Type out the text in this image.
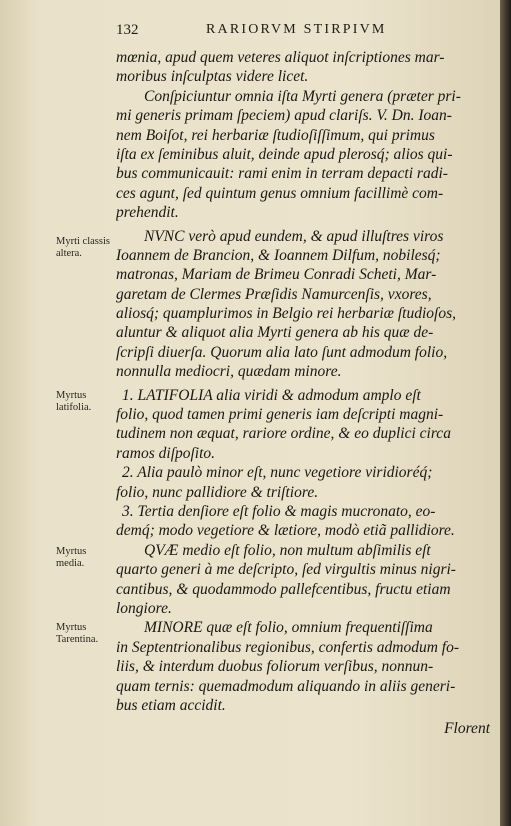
132	RARIORVM STIRPIVM
Myrti classis altera.
Myrtus latifolia.
Myrtus media.
Myrtus Tarentina.
mœnia, apud quem veteres aliquot inſcriptiones mar-
moribus inſculptas videre licet.
Conſpiciuntur omnia iſta Myrti genera (præter pri-
mi generis primam ſpeciem) apud clariſs. V. Dn. Ioan-
nem Boiſot, rei herbariæ ſtudioſiſſimum, qui primus
iſta ex ſeminibus aluit, deinde apud plerosq́; alios qui-
bus communicauit: rami enim in terram depacti radi-
ces agunt, ſed quintum genus omnium facillimè com-
prehendit.
NVNC verò apud eundem, & apud illuſtres viros
Ioannem de Brancion, & Ioannem Dilfum, nobilesq́;
matronas, Mariam de Brimeu Conradi Scheti, Mar-
garetam de Clermes Præſidis Namurcenſis, vxores,
aliosq́; quamplurimos in Belgio rei herbariæ ſtudioſos,
aluntur & aliquot alia Myrti genera ab his quæ de-
ſcripſi diuerſa. Quorum alia lato ſunt admodum folio,
nonnulla mediocri, quædam minore.
1. LATIFOLIA alia viridi & admodum amplo eſt
folio, quod tamen primi generis iam deſcripti magni-
tudinem non æquat, rariore ordine, & eo duplici circa
ramos diſpoſito.
2. Alia paulò minor eſt, nunc vegetiore viridioréq́;
folio, nunc pallidiore & triſtiore.
3. Tertia denſiore eſt folio & magis mucronato, eo-
demq́; modo vegetiore & lætiore, modò etiã pallidiore.
QVÆ medio eſt folio, non multum abſimilis eſt
quarto generi à me deſcripto, ſed virgultis minus nigri-
cantibus, & quodammodo pallefcentibus, fructu etiam
longiore.
MINORE quæ eſt folio, omnium frequentiſſima
in Septentrionalibus regionibus, confertis admodum fo-
liis, & interdum duobus foliorum verſibus, nonnun-
quam ternis: quemadmodum aliquando in aliis generi-
bus etiam accidit.
Florent
